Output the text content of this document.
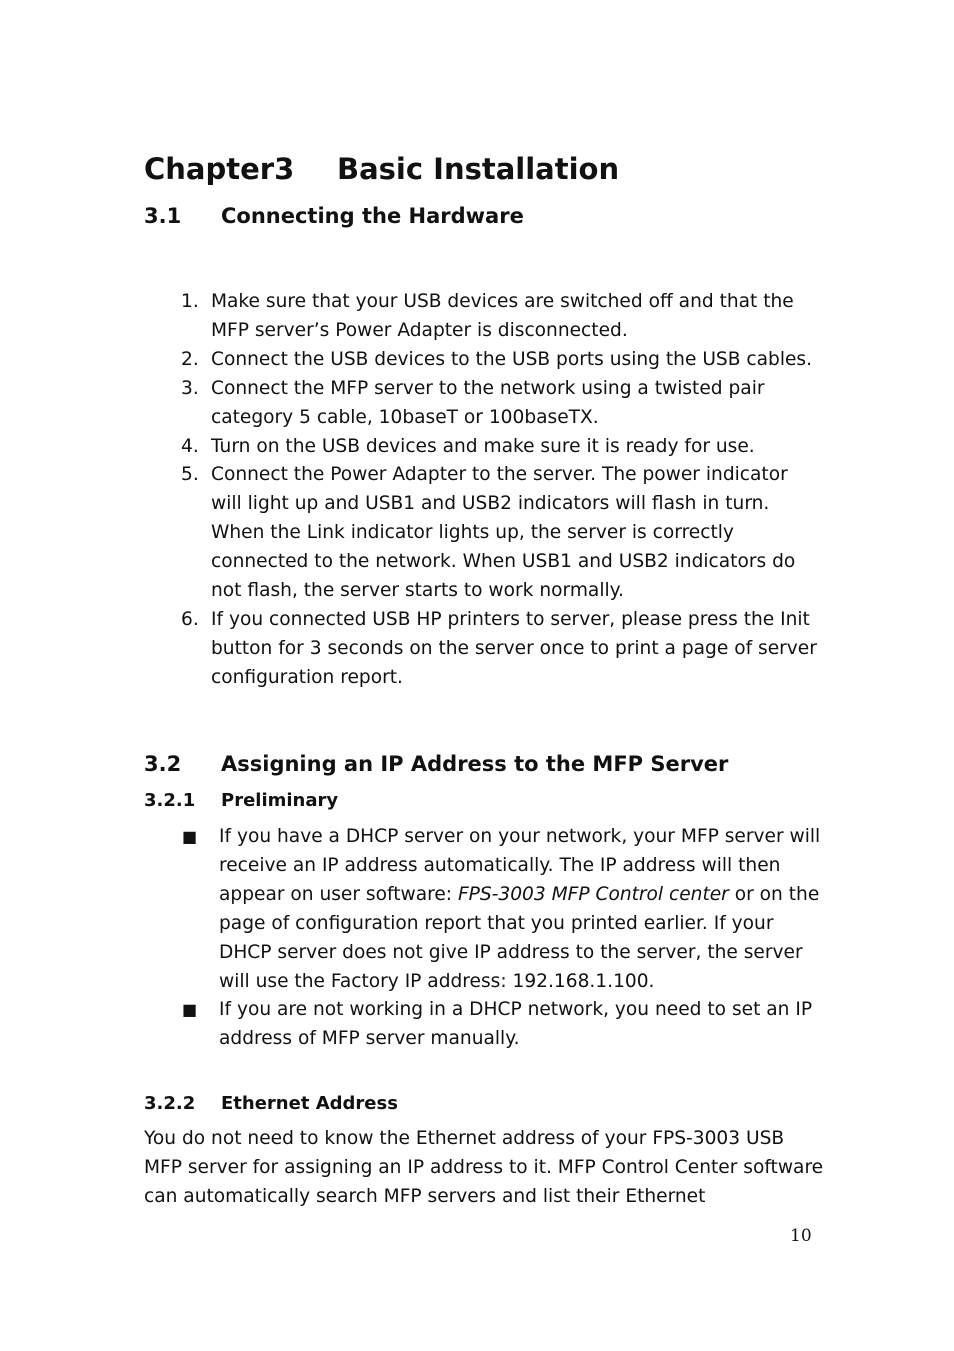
Chapter3 Basic Installation
3.1 Connecting the Hardware
1. Make sure that your USB devices are switched off and that the MFP server’s Power Adapter is disconnected.
2. Connect the USB devices to the USB ports using the USB cables.
3. Connect the MFP server to the network using a twisted pair category 5 cable, 10baseT or 100baseTX.
4. Turn on the USB devices and make sure it is ready for use.
5. Connect the Power Adapter to the server. The power indicator will light up and USB1 and USB2 indicators will flash in turn. When the Link indicator lights up, the server is correctly connected to the network. When USB1 and USB2 indicators do not flash, the server starts to work normally.
6. If you connected USB HP printers to server, please press the Init button for 3 seconds on the server once to print a page of server configuration report.
3.2 Assigning an IP Address to the MFP Server
3.2.1 Preliminary
■ If you have a DHCP server on your network, your MFP server will receive an IP address automatically. The IP address will then appear on user software: FPS-3003 MFP Control center or on the page of configuration report that you printed earlier. If your DHCP server does not give IP address to the server, the server will use the Factory IP address: 192.168.1.100.
■ If you are not working in a DHCP network, you need to set an IP address of MFP server manually.
3.2.2 Ethernet Address

You do not need to know the Ethernet address of your FPS-3003 USB MFP server for assigning an IP address to it. MFP Control Center software can automatically search MFP servers and list their Ethernet

10
